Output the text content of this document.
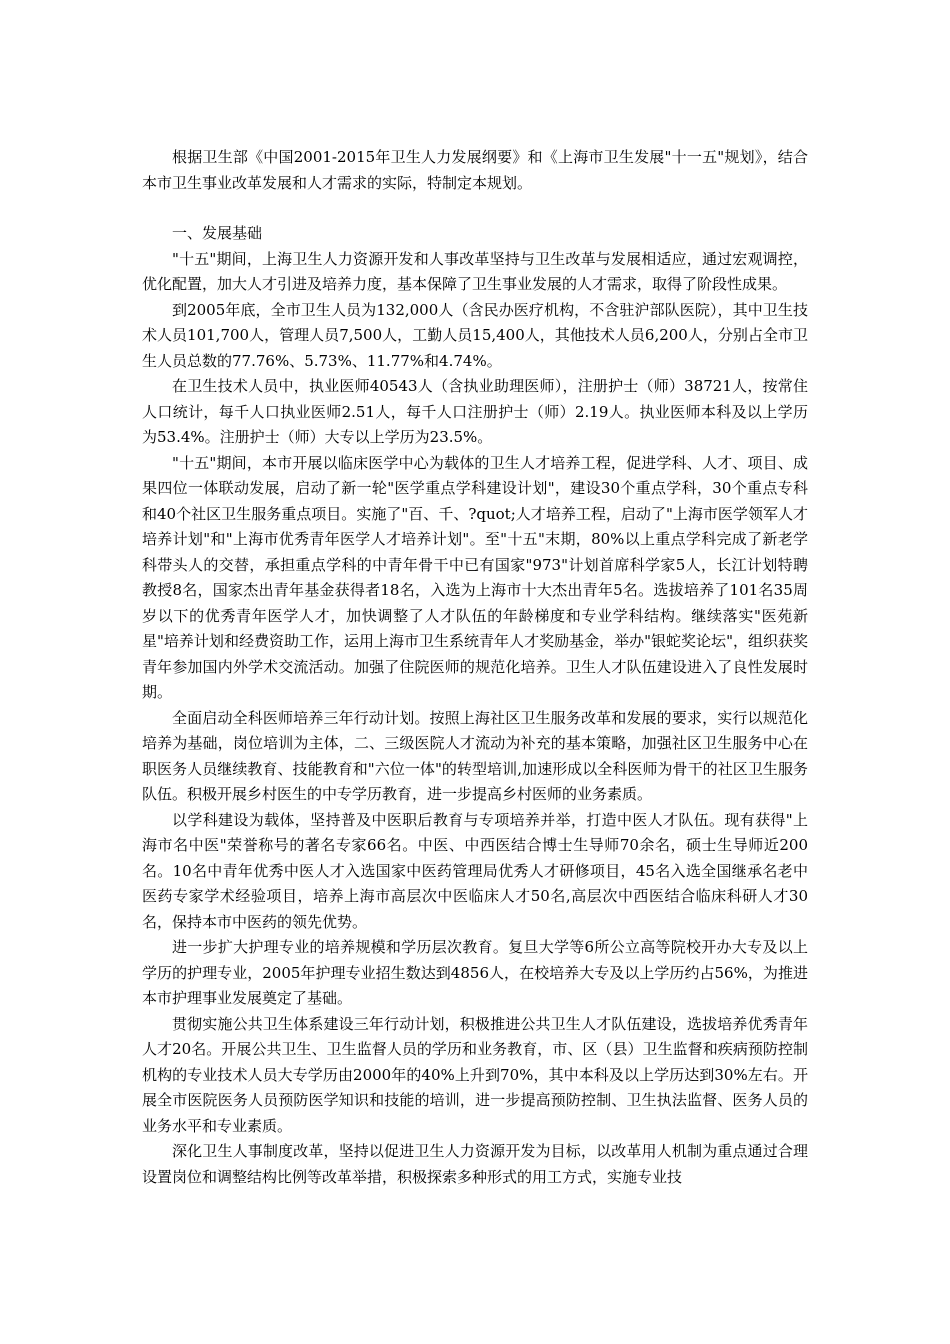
根据卫生部《中国2001-2015年卫生人力发展纲要》和《上海市卫生发展"十一五"规划》，结合本市卫生事业改革发展和人才需求的实际，特制定本规划。

一、发展基础

"十五"期间，上海卫生人力资源开发和人事改革坚持与卫生改革与发展相适应，通过宏观调控，优化配置，加大人才引进及培养力度，基本保障了卫生事业发展的人才需求，取得了阶段性成果。

到2005年底，全市卫生人员为132,000人（含民办医疗机构，不含驻沪部队医院），其中卫生技术人员101,700人，管理人员7,500人，工勤人员15,400人，其他技术人员6,200人，分别占全市卫生人员总数的77.76%、5.73%、11.77%和4.74%。

在卫生技术人员中，执业医师40543人（含执业助理医师），注册护士（师）38721人，按常住人口统计，每千人口执业医师2.51人，每千人口注册护士（师）2.19人。执业医师本科及以上学历为53.4%。注册护士（师）大专以上学历为23.5%。

"十五"期间，本市开展以临床医学中心为载体的卫生人才培养工程，促进学科、人才、项目、成果四位一体联动发展，启动了新一轮"医学重点学科建设计划"，建设30个重点学科，30个重点专科和40个社区卫生服务重点项目。实施了"百、千、?quot;人才培养工程，启动了"上海市医学领军人才培养计划"和"上海市优秀青年医学人才培养计划"。至"十五"末期，80%以上重点学科完成了新老学科带头人的交替，承担重点学科的中青年骨干中已有国家"973"计划首席科学家5人，长江计划特聘教授8名，国家杰出青年基金获得者18名，入选为上海市十大杰出青年5名。选拔培养了101名35周岁以下的优秀青年医学人才，加快调整了人才队伍的年龄梯度和专业学科结构。继续落实"医苑新星"培养计划和经费资助工作，运用上海市卫生系统青年人才奖励基金，举办"银蛇奖论坛"，组织获奖青年参加国内外学术交流活动。加强了住院医师的规范化培养。卫生人才队伍建设进入了良性发展时期。

全面启动全科医师培养三年行动计划。按照上海社区卫生服务改革和发展的要求，实行以规范化培养为基础，岗位培训为主体，二、三级医院人才流动为补充的基本策略，加强社区卫生服务中心在职医务人员继续教育、技能教育和"六位一体"的转型培训,加速形成以全科医师为骨干的社区卫生服务队伍。积极开展乡村医生的中专学历教育，进一步提高乡村医师的业务素质。

以学科建设为载体，坚持普及中医职后教育与专项培养并举，打造中医人才队伍。现有获得"上海市名中医"荣誉称号的著名专家66名。中医、中西医结合博士生导师70余名，硕士生导师近200名。10名中青年优秀中医人才入选国家中医药管理局优秀人才研修项目，45名入选全国继承名老中医药专家学术经验项目，培养上海市高层次中医临床人才50名,高层次中西医结合临床科研人才30名，保持本市中医药的领先优势。

进一步扩大护理专业的培养规模和学历层次教育。复旦大学等6所公立高等院校开办大专及以上学历的护理专业，2005年护理专业招生数达到4856人，在校培养大专及以上学历约占56%，为推进本市护理事业发展奠定了基础。

贯彻实施公共卫生体系建设三年行动计划，积极推进公共卫生人才队伍建设，选拔培养优秀青年人才20名。开展公共卫生、卫生监督人员的学历和业务教育，市、区（县）卫生监督和疾病预防控制机构的专业技术人员大专学历由2000年的40%上升到70%，其中本科及以上学历达到30%左右。开展全市医院医务人员预防医学知识和技能的培训，进一步提高预防控制、卫生执法监督、医务人员的业务水平和专业素质。

深化卫生人事制度改革，坚持以促进卫生人力资源开发为目标，以改革用人机制为重点通过合理设置岗位和调整结构比例等改革举措，积极探索多种形式的用工方式，实施专业技
